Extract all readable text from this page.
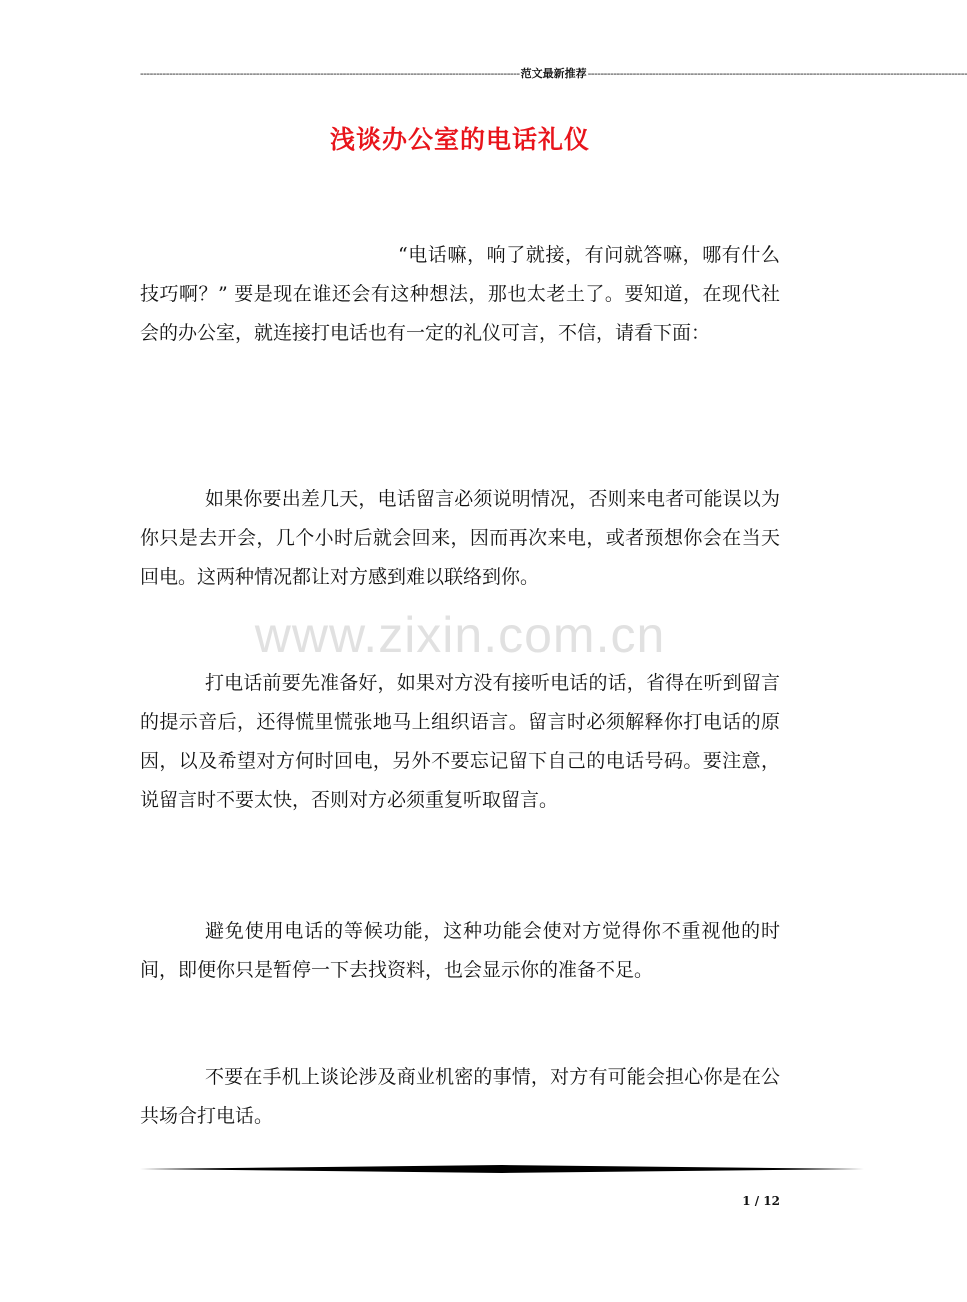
---------------------------------------------------------------------------------------------------------------------- 范文最新推荐 ----------------------------------------------------------------------------------------------------------------------
浅谈办公室的电话礼仪
“电话嘛，响了就接，有问就答嘛，哪有什么技巧啊？” 要是现在谁还会有这种想法，那也太老土了。要知道，在现代社会的办公室，就连接打电话也有一定的礼仪可言，不信，请看下面：
如果你要出差几天，电话留言必须说明情况，否则来电者可能误以为你只是去开会，几个小时后就会回来，因而再次来电，或者预想你会在当天回电。这两种情况都让对方感到难以联络到你。
打电话前要先准备好，如果对方没有接听电话的话，省得在听到留言的提示音后，还得慌里慌张地马上组织语言。留言时必须解释你打电话的原因，以及希望对方何时回电，另外不要忘记留下自己的电话号码。要注意，说留言时不要太快，否则对方必须重复听取留言。
避免使用电话的等候功能，这种功能会使对方觉得你不重视他的时间，即便你只是暂停一下去找资料，也会显示你的准备不足。
不要在手机上谈论涉及商业机密的事情，对方有可能会担心你是在公共场合打电话。
www.zixin.com.cn
1 / 12
